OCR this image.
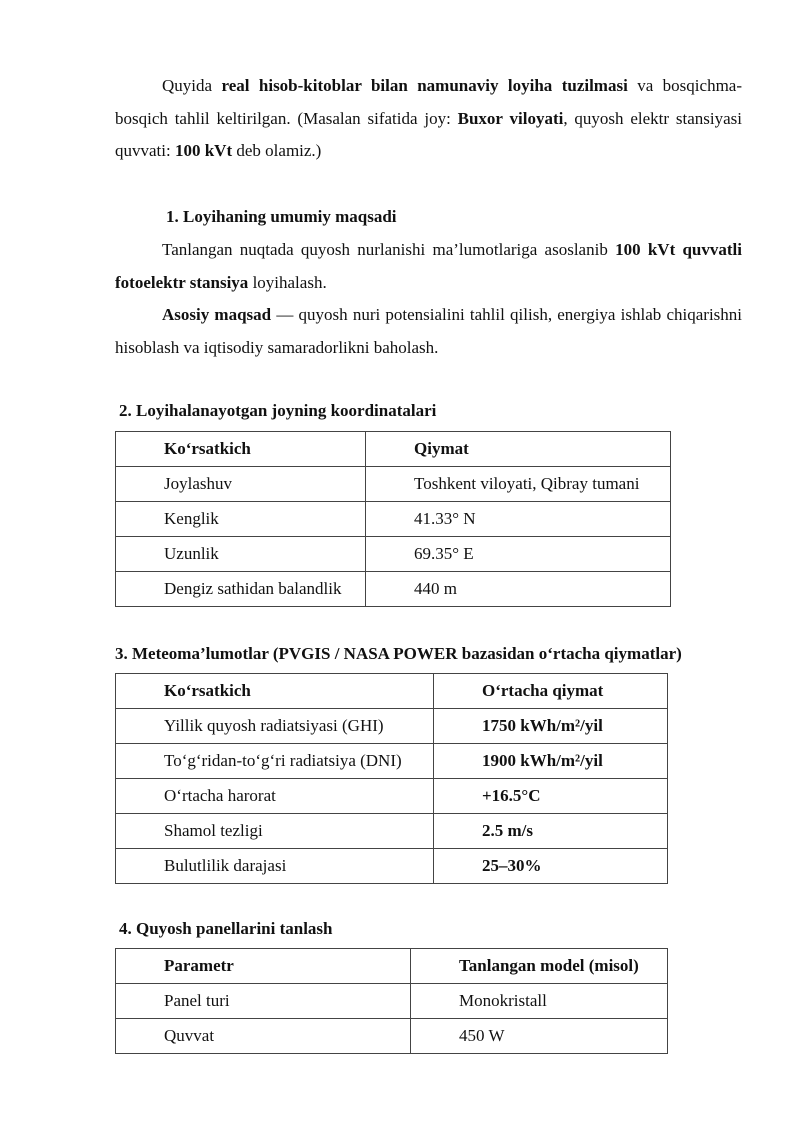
Quyida real hisob-kitoblar bilan namunaviy loyiha tuzilmasi va bosqichma-bosqich tahlil keltirilgan. (Masalan sifatida joy: Buxor viloyati, quyosh elektr stansiyasi quvvati: 100 kVt deb olamiz.)

1. Loyihaning umumiy maqsadi

Tanlangan nuqtada quyosh nurlanishi ma’lumotlariga asoslanib 100 kVt quvvatli fotoelektr stansiya loyihalash.

Asosiy maqsad — quyosh nuri potensialini tahlil qilish, energiya ishlab chiqarishni hisoblash va iqtisodiy samaradorlikni baholash.

2. Loyihalanayotgan joyning koordinatalari
Ko‘rsatkich	Qiymat
Joylashuv	Toshkent viloyati, Qibray tumani
Kenglik	41.33° N
Uzunlik	69.35° E
Dengiz sathidan balandlik	440 m
3. Meteoma’lumotlar (PVGIS / NASA POWER bazasidan o‘rtacha qiymatlar)
Ko‘rsatkich	O‘rtacha qiymat
Yillik quyosh radiatsiyasi (GHI)	1750 kWh/m²/yil
To‘g‘ridan-to‘g‘ri radiatsiya (DNI)	1900 kWh/m²/yil
O‘rtacha harorat	+16.5°C
Shamol tezligi	2.5 m/s
Bulutlilik darajasi	25–30%
4. Quyosh panellarini tanlash
Parametr	Tanlangan model (misol)
Panel turi	Monokristall
Quvvat	450 W
